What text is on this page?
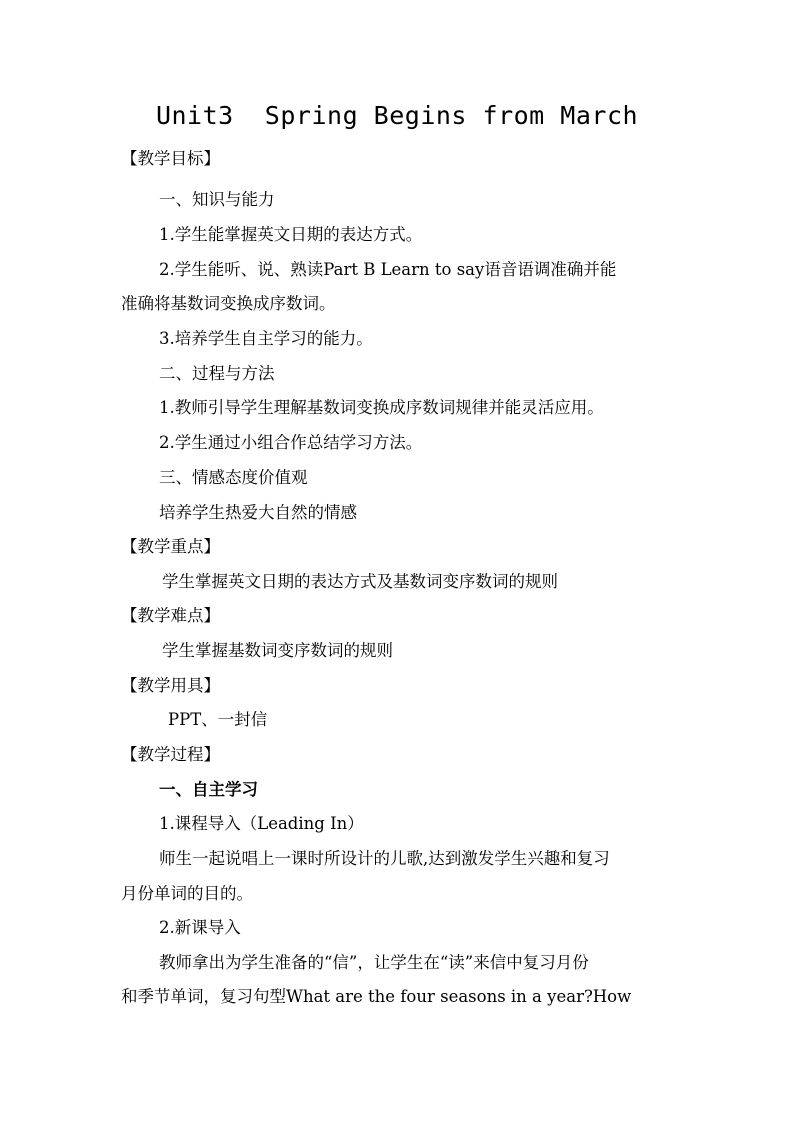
Unit3  Spring Begins from March
【教学目标】
一、知识与能力
1.学生能掌握英文日期的表达方式。
2.学生能听、说、熟读Part B Learn to say语音语调准确并能
准确将基数词变换成序数词。
3.培养学生自主学习的能力。
二、过程与方法
1.教师引导学生理解基数词变换成序数词规律并能灵活应用。
2.学生通过小组合作总结学习方法。
三、情感态度价值观
培养学生热爱大自然的情感
【教学重点】
学生掌握英文日期的表达方式及基数词变序数词的规则
【教学难点】
学生掌握基数词变序数词的规则
【教学用具】
PPT、一封信
【教学过程】
一、自主学习
1.课程导入（Leading In）
师生一起说唱上一课时所设计的儿歌,达到激发学生兴趣和复习
月份单词的目的。
2.新课导入
教师拿出为学生准备的“信”，让学生在“读”来信中复习月份
和季节单词，复习句型What are the four seasons in a year?How
